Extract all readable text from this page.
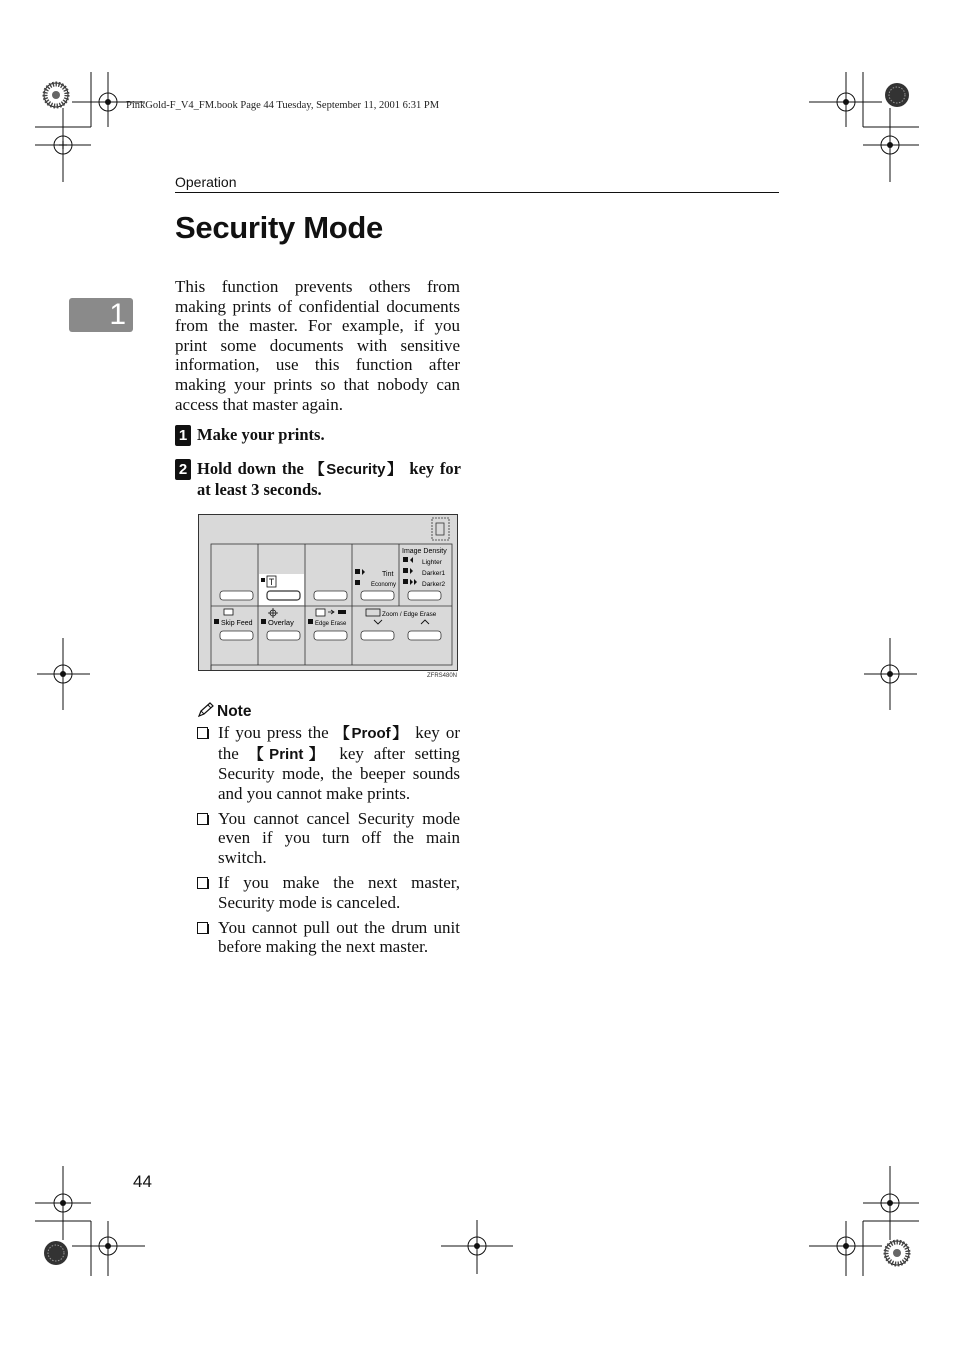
PinkGold-F_V4_FM.book Page 44 Tuesday, September 11, 2001 6:31 PM
Operation
Security Mode
1

This function prevents others from making prints of confidential documents from the master. For example, if you print some documents with sensitive information, use this function after making your prints so that nobody can access that master again.

1 Make your prints.
2 Hold down the 【Security】 key for at least 3 seconds.
Image Density
Lighter
Darker1
Darker2
Tint
Economy
Skip Feed Overlay	Edge Erase
Zoom / Edge Erase
ZFRS480N
Note
If you press the 【Proof】 key or the 【Print】 key after setting Security mode, the beeper sounds and you cannot make prints.
You cannot cancel Security mode even if you turn off the main switch.
If you make the next master, Security mode is canceled.
You cannot pull out the drum unit before making the next master.
44
